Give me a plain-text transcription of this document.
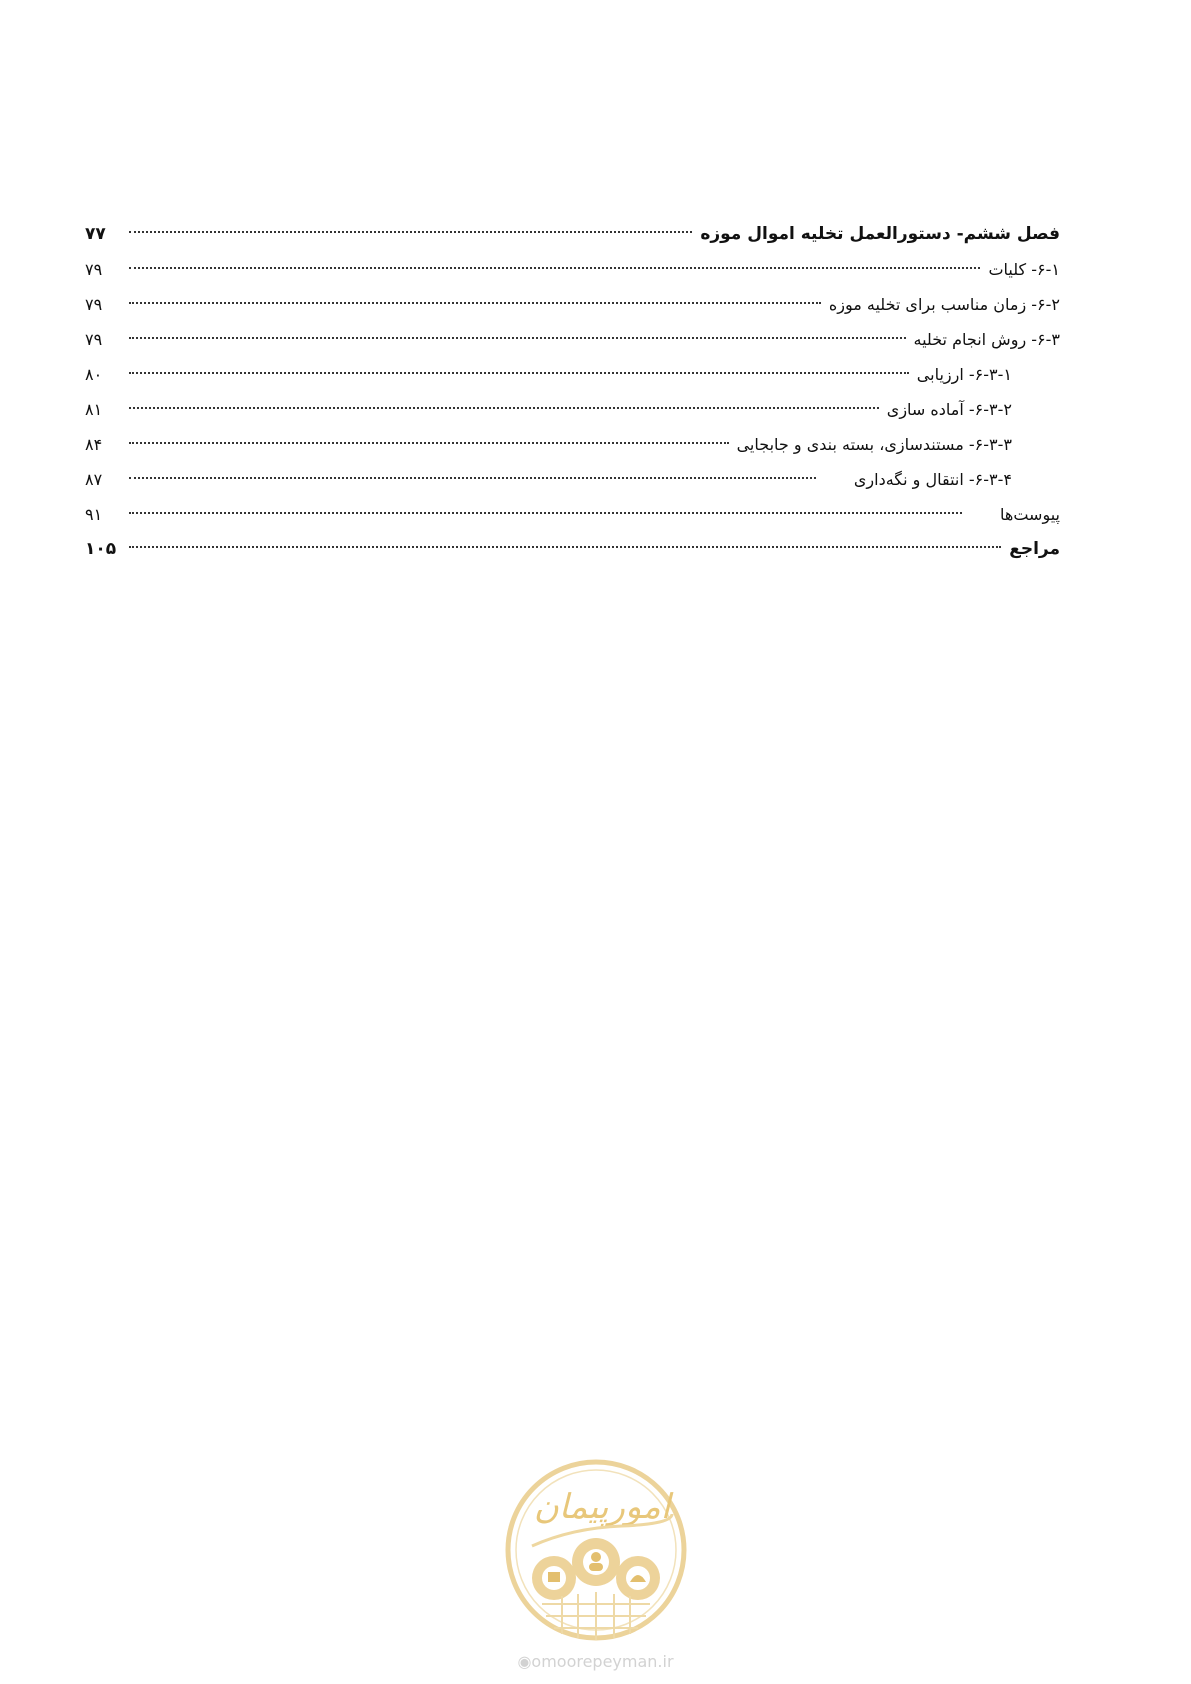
فصل ششم- دستورالعمل تخلیه اموال موزه
۷۷
۶-۱- کلیات
۷۹
۶-۲- زمان مناسب برای تخلیه موزه
۷۹
۶-۳- روش انجام تخلیه
۷۹
۶-۳-۱- ارزیابی
۸۰
۶-۳-۲- آماده سازی
۸۱
۶-۳-۳- مستندسازی، بسته بندی و جابجایی
۸۴
۶-۳-۴- انتقال و نگه‌داری
۸۷
پیوست‌ها
۹۱
مراجع
۱۰۵
امورپیمان
◉omoorepeyman.ir
